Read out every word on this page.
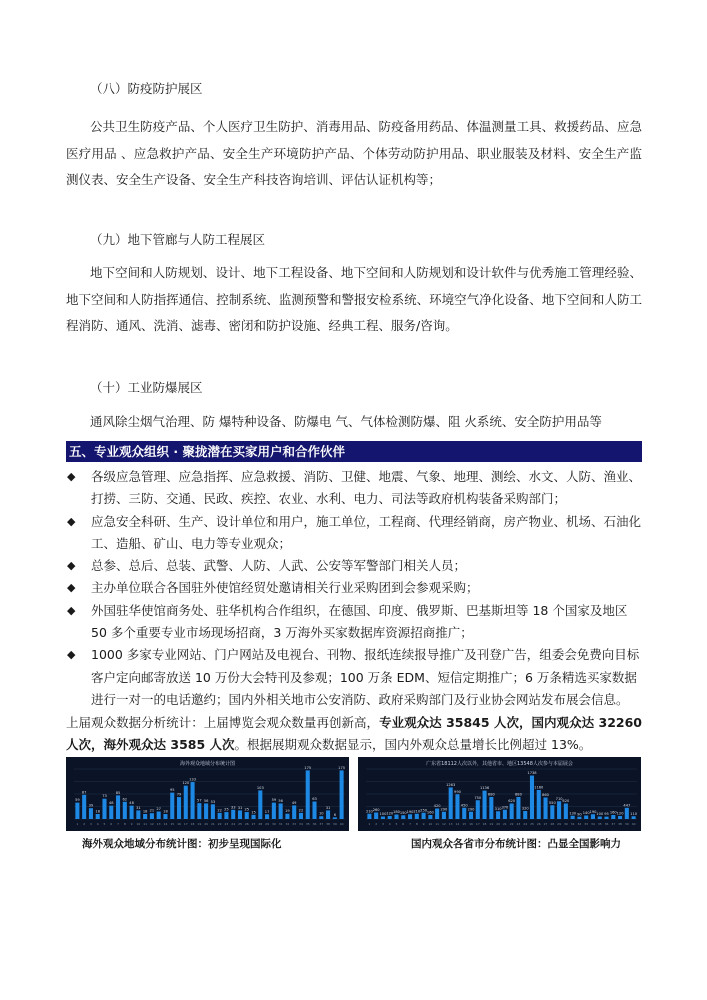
（八）防疫防护展区

公共卫生防疫产品、个人医疗卫生防护、消毒用品、防疫备用药品、体温测量工具、救援药品、应急医疗用品 、应急救护产品、安全生产环境防护产品、个体劳动防护用品、职业服装及材料、安全生产监测仪表、安全生产设备、安全生产科技咨询培训、评估认证机构等；

（九）地下管廊与人防工程展区

地下空间和人防规划、设计、地下工程设备、地下空间和人防规划和设计软件与优秀施工管理经验、地下空间和人防指挥通信、控制系统、监测预警和警报安检系统、环境空气净化设备、地下空间和人防工程消防、通风、洗消、滤毒、密闭和防护设施、经典工程、服务/咨询。

（十）工业防爆展区

通风除尘烟气治理、防 爆特种设备、防爆电 气、气体检测防爆、阻 火系统、安全防护用品等

五、专业观众组织 · 聚拢潜在买家用户和合作伙伴
◆ 各级应急管理、应急指挥、应急救援、消防、卫健、地震、气象、地理、测绘、水文、人防、渔业、打捞、三防、交通、民政、疾控、农业、水利、电力、司法等政府机构装备采购部门；
◆ 应急安全科研、生产、设计单位和用户，施工单位，工程商、代理经销商，房产物业、机场、石油化工、造船、矿山、电力等专业观众；
◆ 总参、总后、总装、武警、人防、人武、公安等军警部门相关人员；
◆ 主办单位联合各国驻外使馆经贸处邀请相关行业采购团到会参观采购；
◆ 外国驻华使馆商务处、驻华机构合作组织，在德国、印度、俄罗斯、巴基斯坦等 18 个国家及地区 50 多个重要专业市场现场招商，3 万海外买家数据库资源招商推广；
◆ 1000 多家专业网站、门户网站及电视台、刊物、报纸连续报导推广及刊登广告，组委会免费向目标客户定向邮寄放送 10 万份大会特刊及参观；100 万条 EDM、短信定期推广；6 万条精选买家数据进行一对一的电话邀约；国内外相关地市公安消防、政府采购部门及行业协会网站发布展会信息。
上届观众数据分析统计：上届博览会观众数量再创新高，专业观众达 35845 人次，国内观众达 32260 人次，海外观众达 3585 人次。根据展期观众数据显示，国内外观众总量增长比例超过 13%。
海外观众地域分布统计图
59
1
87
2
39
3
18
4
73
5
48
6
85
7
62
8
48
9
31
10
18
11
21
12
27
13
18
14
95
15
79
16
120
17
133
18
57
19
56
20
53
21
22
22
25
23
33
24
31
25
25
26
15
27
103
28
17
29
59
30
56
31
19
32
49
33
22
34
175
35
63
36
10
37
31
38
6
39
175
40
广东省18112人次以外，其他省市、地区13548人次参与本届展会
210
1
260
2
100
3
120
4
180
5
150
6
190
7
210
8
250
9
160
10
420
11
290
12
1263
13
990
14
450
15
290
16
750
17
1136
18
880
19
310
20
370
21
620
22
880
23
320
24
1738
25
1160
26
860
27
550
28
710
29
620
30
130
31
90
32
140
33
190
34
100
35
95
36
160
37
120
38
447
39
110
40
海外观众地域分布统计图：初步呈现国际化	国内观众各省市分布统计图：凸显全国影响力
